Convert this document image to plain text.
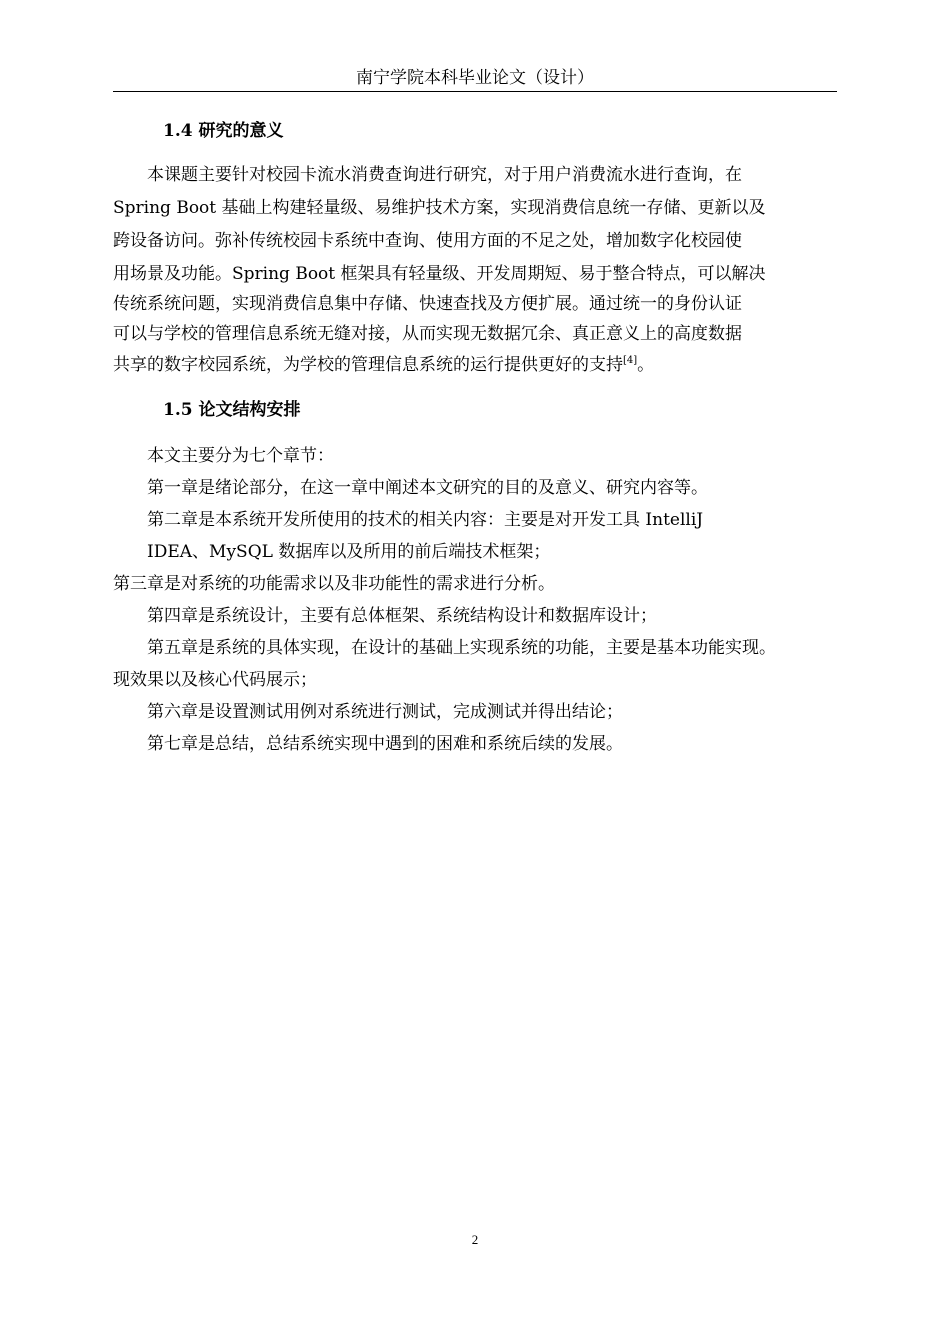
南宁学院本科毕业论文（设计）
1.4 研究的意义
本课题主要针对校园卡流水消费查询进行研究，对于用户消费流水进行查询，在
Spring Boot 基础上构建轻量级、易维护技术方案，实现消费信息统一存储、更新以及
跨设备访问。弥补传统校园卡系统中查询、使用方面的不足之处，增加数字化校园使
用场景及功能。Spring Boot 框架具有轻量级、开发周期短、易于整合特点，可以解决
传统系统问题，实现消费信息集中存储、快速查找及方便扩展。通过统一的身份认证
可以与学校的管理信息系统无缝对接，从而实现无数据冗余、真正意义上的高度数据
共享的数字校园系统，为学校的管理信息系统的运行提供更好的支持[4]。
1.5 论文结构安排
本文主要分为七个章节：
第一章是绪论部分，在这一章中阐述本文研究的目的及意义、研究内容等。
第二章是本系统开发所使用的技术的相关内容：主要是对开发工具 IntelliJ
IDEA、MySQL 数据库以及所用的前后端技术框架；
第三章是对系统的功能需求以及非功能性的需求进行分析。
第四章是系统设计，主要有总体框架、系统结构设计和数据库设计；
第五章是系统的具体实现，在设计的基础上实现系统的功能，主要是基本功能实现。
现效果以及核心代码展示；
第六章是设置测试用例对系统进行测试，完成测试并得出结论；
第七章是总结，总结系统实现中遇到的困难和系统后续的发展。
2
